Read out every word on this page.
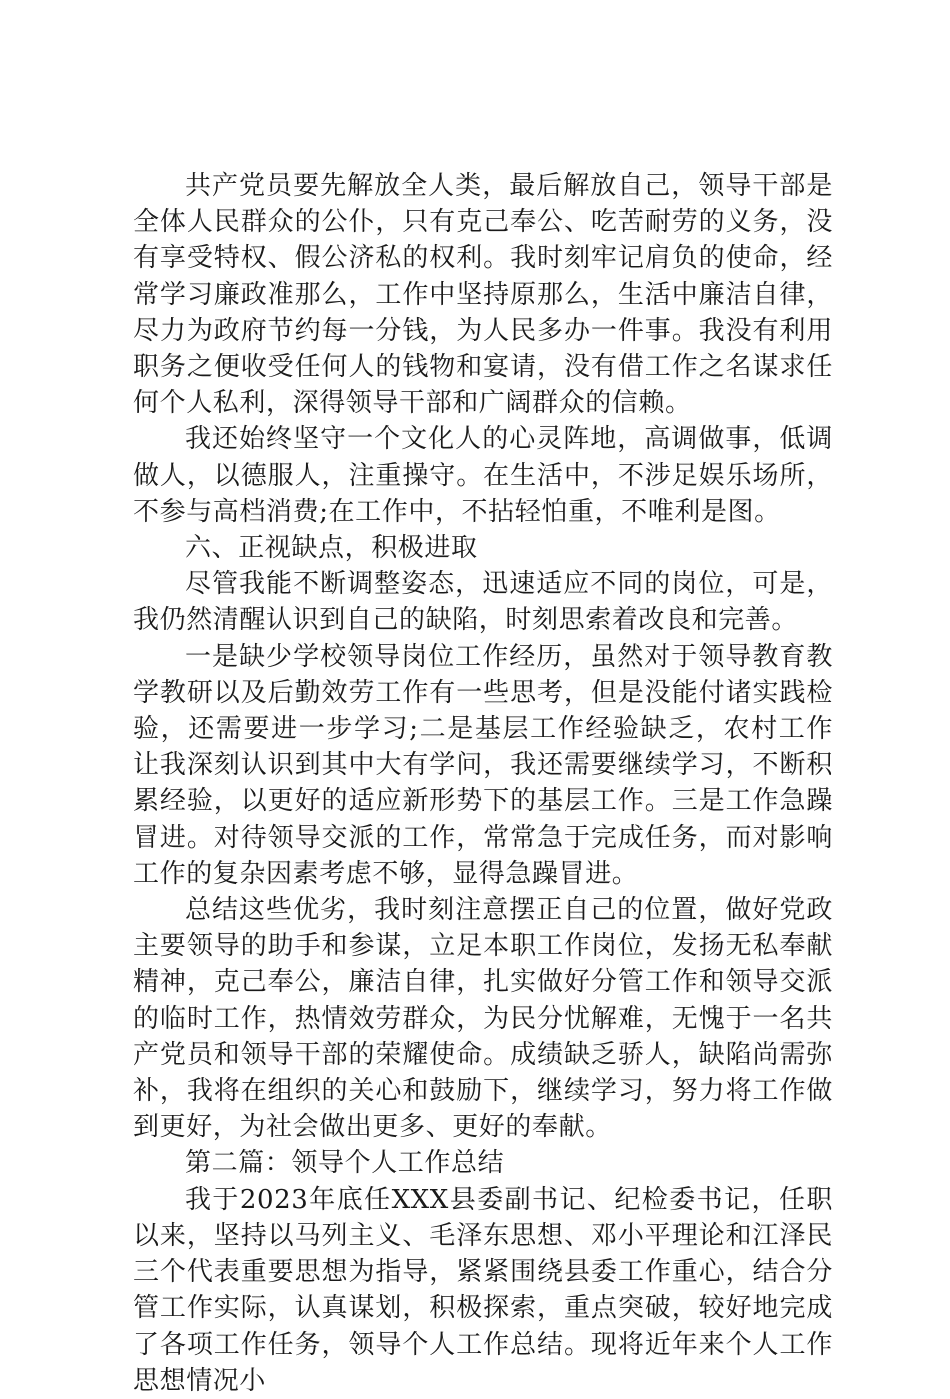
共产党员要先解放全人类，最后解放自己，领导干部是全体人民群众的公仆，只有克己奉公、吃苦耐劳的义务，没有享受特权、假公济私的权利。我时刻牢记肩负的使命，经常学习廉政准那么，工作中坚持原那么，生活中廉洁自律，尽力为政府节约每一分钱，为人民多办一件事。我没有利用职务之便收受任何人的钱物和宴请，没有借工作之名谋求任何个人私利，深得领导干部和广阔群众的信赖。

我还始终坚守一个文化人的心灵阵地，高调做事，低调做人，以德服人，注重操守。在生活中，不涉足娱乐场所，不参与高档消费;在工作中，不拈轻怕重，不唯利是图。

六、正视缺点，积极进取

尽管我能不断调整姿态，迅速适应不同的岗位，可是，我仍然清醒认识到自己的缺陷，时刻思索着改良和完善。

一是缺少学校领导岗位工作经历，虽然对于领导教育教学教研以及后勤效劳工作有一些思考，但是没能付诸实践检验，还需要进一步学习;二是基层工作经验缺乏，农村工作让我深刻认识到其中大有学问，我还需要继续学习，不断积累经验，以更好的适应新形势下的基层工作。三是工作急躁冒进。对待领导交派的工作，常常急于完成任务，而对影响工作的复杂因素考虑不够，显得急躁冒进。

总结这些优劣，我时刻注意摆正自己的位置，做好党政主要领导的助手和参谋，立足本职工作岗位，发扬无私奉献精神，克己奉公，廉洁自律，扎实做好分管工作和领导交派的临时工作，热情效劳群众，为民分忧解难，无愧于一名共产党员和领导干部的荣耀使命。成绩缺乏骄人，缺陷尚需弥补，我将在组织的关心和鼓励下，继续学习，努力将工作做到更好，为社会做出更多、更好的奉献。

第二篇：领导个人工作总结

我于2023年底任XXX县委副书记、纪检委书记，任职以来，坚持以马列主义、毛泽东思想、邓小平理论和江泽民三个代表重要思想为指导，紧紧围绕县委工作重心，结合分管工作实际，认真谋划，积极探索，重点突破，较好地完成了各项工作任务，领导个人工作总结。现将近年来个人工作思想情况小
